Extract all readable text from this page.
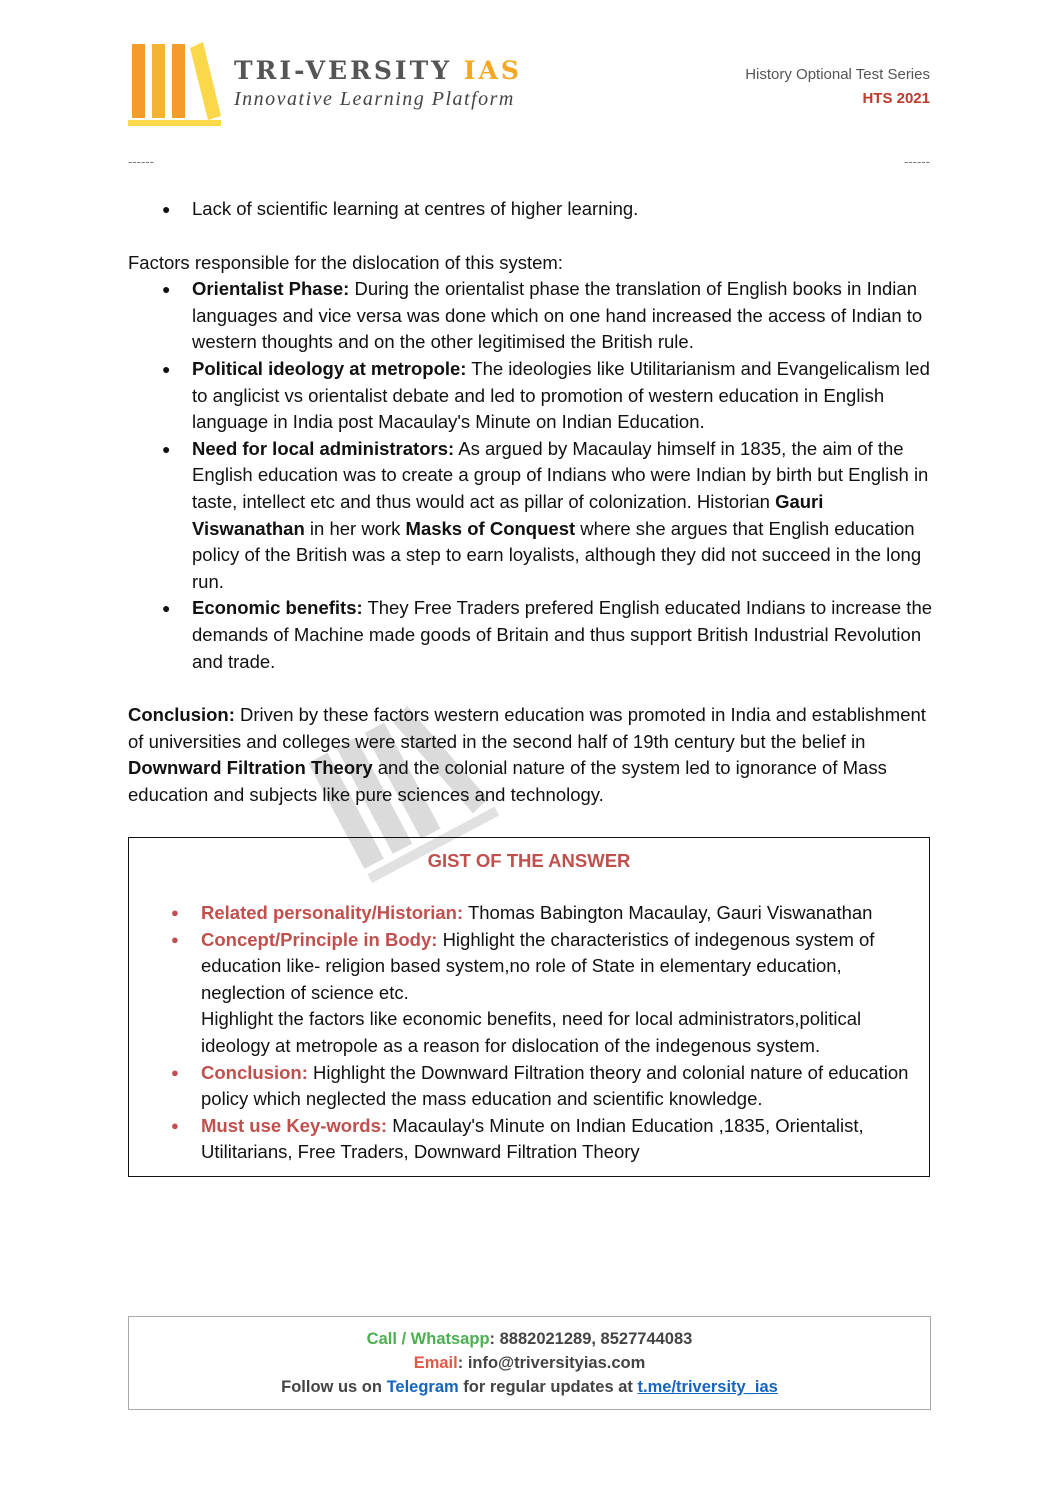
TRI-VERSITY IAS
Innovative Learning Platform
History Optional Test Series
HTS 2021
------	------
● Lack of scientific learning at centres of higher learning.

Factors responsible for the dislocation of this system:

● Orientalist Phase: During the orientalist phase the translation of English books in Indian languages and vice versa was done which on one hand increased the access of Indian to western thoughts and on the other legitimised the British rule.
● Political ideology at metropole: The ideologies like Utilitarianism and Evangelicalism led to anglicist vs orientalist debate and led to promotion of western education in English language in India post Macaulay's Minute on Indian Education.
● Need for local administrators: As argued by Macaulay himself in 1835, the aim of the English education was to create a group of Indians who were Indian by birth but English in taste, intellect etc and thus would act as pillar of colonization. Historian Gauri Viswanathan in her work Masks of Conquest where she argues that English education policy of the British was a step to earn loyalists, although they did not succeed in the long run.
● Economic benefits: They Free Traders prefered English educated Indians to increase the demands of Machine made goods of Britain and thus support British Industrial Revolution and trade.

Conclusion: Driven by these factors western education was promoted in India and establishment of universities and colleges were started in the second half of 19th century but the belief in Downward Filtration Theory and the colonial nature of the system led to ignorance of Mass education and subjects like pure sciences and technology.

GIST OF THE ANSWER
● Related personality/Historian: Thomas Babington Macaulay, Gauri Viswanathan
● Concept/Principle in Body: Highlight the characteristics of indegenous system of education like- religion based system,no role of State in elementary education, neglection of science etc.
Highlight the factors like economic benefits, need for local administrators,political ideology at metropole as a reason for dislocation of the indegenous system.
● Conclusion: Highlight the Downward Filtration theory and colonial nature of education policy which neglected the mass education and scientific knowledge.
● Must use Key-words: Macaulay's Minute on Indian Education ,1835, Orientalist, Utilitarians, Free Traders, Downward Filtration Theory
Call / Whatsapp: 8882021289, 8527744083
Email: info@triversityias.com
Follow us on Telegram for regular updates at t.me/triversity_ias
